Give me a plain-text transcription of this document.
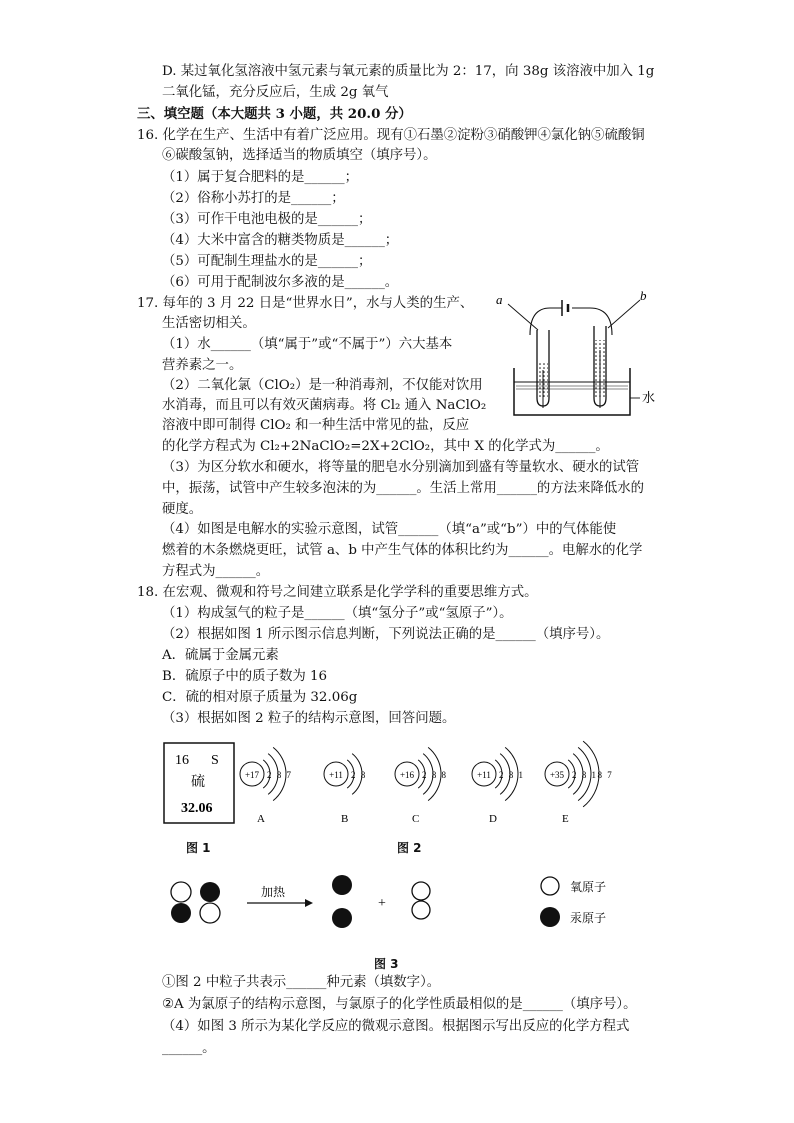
D. 某过氧化氢溶液中氢元素与氧元素的质量比为 2：17，向 38g 该溶液中加入 1g
二氧化锰，充分反应后，生成 2g 氧气
三、填空题（本大题共 3 小题，共 20.0 分）
16. 化学在生产、生活中有着广泛应用。现有①石墨②淀粉③硝酸钾④氯化钠⑤硫酸铜
⑥碳酸氢钠，选择适当的物质填空（填序号）。
（1）属于复合肥料的是______；
（2）俗称小苏打的是______；
（3）可作干电池电极的是______；
（4）大米中富含的糖类物质是______；
（5）可配制生理盐水的是______；
（6）可用于配制波尔多液的是______。
17. 每年的 3 月 22 日是“世界水日”，水与人类的生产、
生活密切相关。
（1）水______（填“属于”或“不属于”）六大基本
营养素之一。
（2）二氧化氯（ClO₂）是一种消毒剂，不仅能对饮用
水消毒，而且可以有效灭菌病毒。将 Cl₂ 通入 NaClO₂
溶液中即可制得 ClO₂ 和一种生活中常见的盐，反应
的化学方程式为 Cl₂+2NaClO₂=2X+2ClO₂，其中 X 的化学式为______。
（3）为区分软水和硬水，将等量的肥皂水分别滴加到盛有等量软水、硬水的试管
中，振荡，试管中产生较多泡沫的为______。生活上常用______的方法来降低水的
硬度。
（4）如图是电解水的实验示意图，试管______（填“a”或“b”）中的气体能使
燃着的木条燃烧更旺，试管 a、b 中产生气体的体积比约为______。电解水的化学
方程式为______。
18. 在宏观、微观和符号之间建立联系是化学学科的重要思维方式。
（1）构成氢气的粒子是______（填“氢分子”或“氢原子”）。
（2）根据如图 1 所示图示信息判断，下列说法正确的是______（填序号）。
A．硫属于金属元素
B．硫原子中的质子数为 16
C．硫的相对原子质量为 32.06g
（3）根据如图 2 粒子的结构示意图，回答问题。
①图 2 中粒子共表示______种元素（填数字）。
②A 为氯原子的结构示意图，与氯原子的化学性质最相似的是______（填序号）。
（4）如图 3 所示为某化学反应的微观示意图。根据图示写出反应的化学方程式
______。
a	b
水
16 S
硫
32.06
图 1
+17 2 8 7
A
+11 2 8
B
+16 2 8 8
C
+11 2 8 1
D
+35 2 8 18 7
E
图 2
加热
+
氧原子
汞原子
图 3
